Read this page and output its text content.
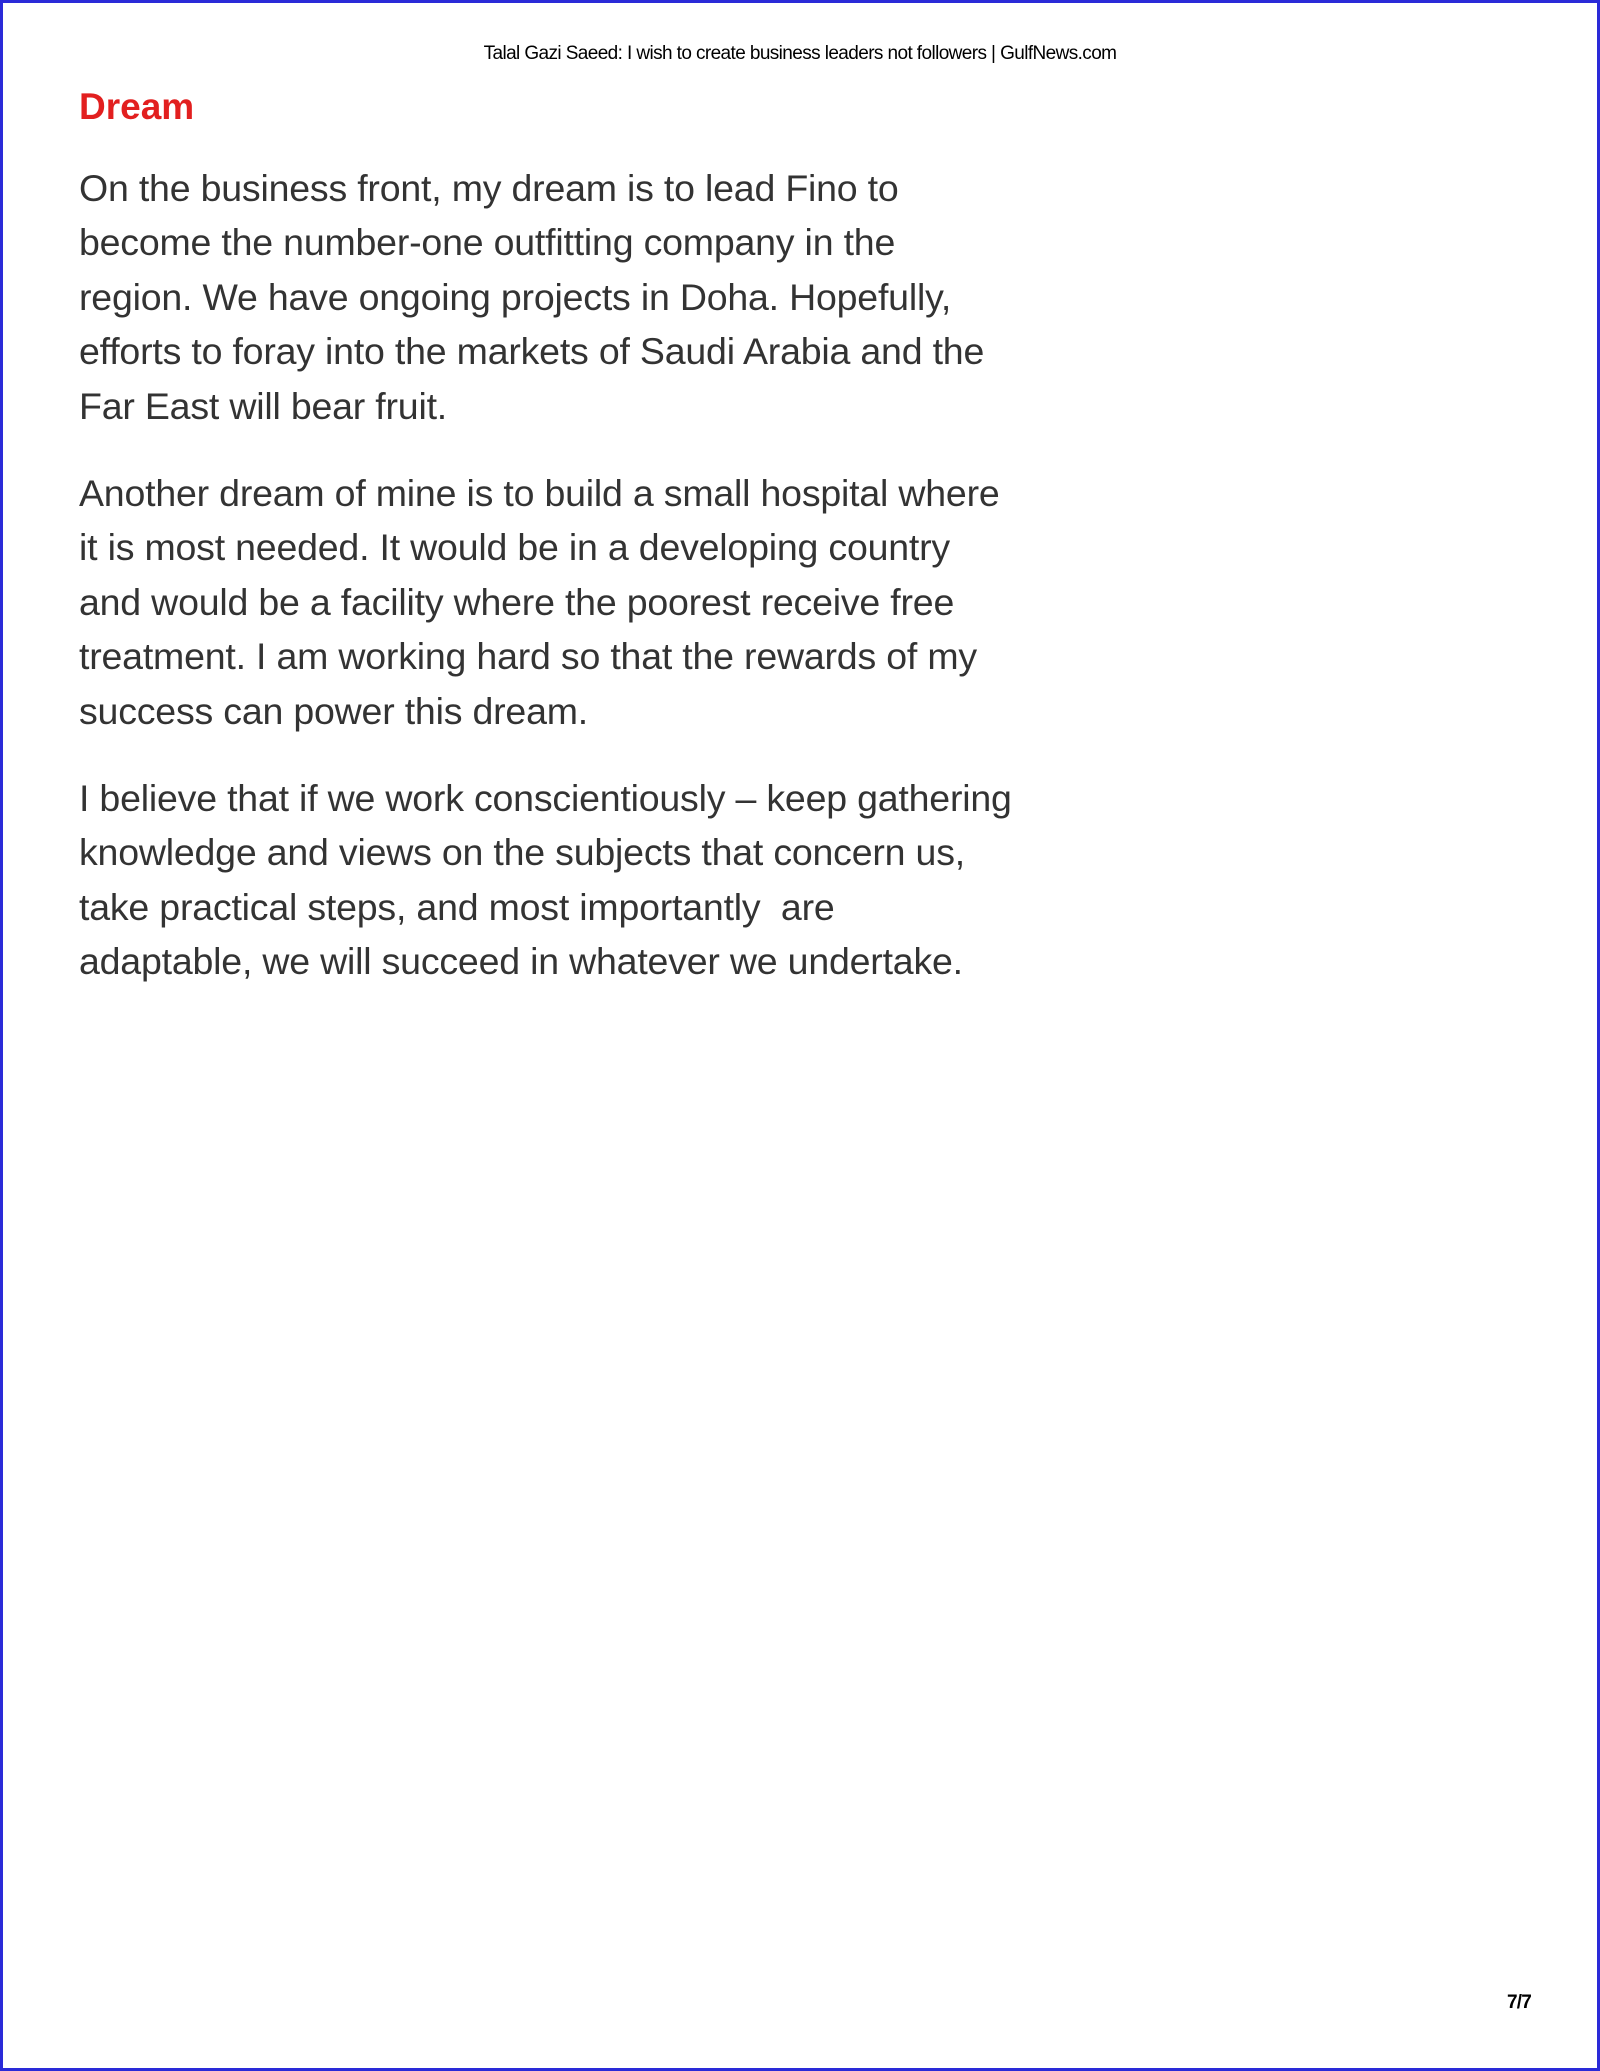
Talal Gazi Saeed: I wish to create business leaders not followers | GulfNews.com
Dream

On the business front, my dream is to lead Fino to
become the number-one outfitting company in the
region. We have ongoing projects in Doha. Hopefully,
efforts to foray into the markets of Saudi Arabia and the
Far East will bear fruit.

Another dream of mine is to build a small hospital where
it is most needed. It would be in a developing country
and would be a facility where the poorest receive free
treatment. I am working hard so that the rewards of my
success can power this dream.

I believe that if we work conscientiously – keep gathering
knowledge and views on the subjects that concern us,
take practical steps, and most importantly  are
adaptable, we will succeed in whatever we undertake.

7/7
